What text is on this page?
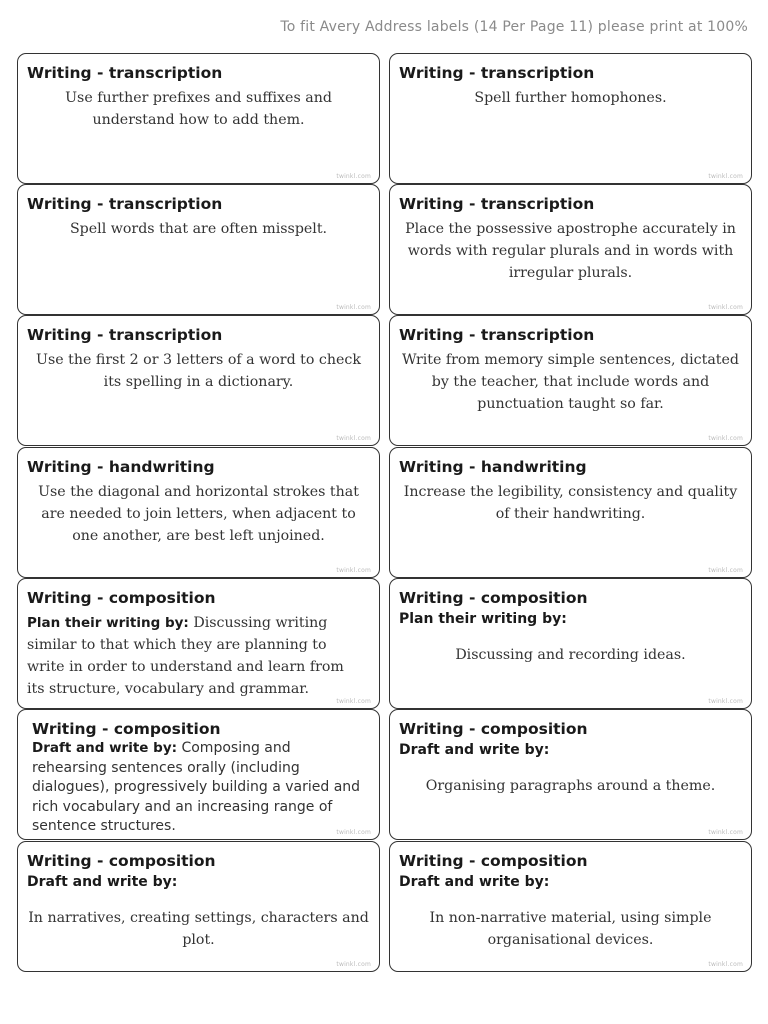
To fit Avery Address labels (14 Per Page 11) please print at 100%
Writing - transcription
Use further prefixes and suffixes and understand how to add them.
twinkl.com
Writing - transcription
Spell further homophones.
twinkl.com
Writing - transcription
Spell words that are often misspelt.
twinkl.com
Writing - transcription
Place the possessive apostrophe accurately in words with regular plurals and in words with irregular plurals.
twinkl.com
Writing - transcription
Use the first 2 or 3 letters of a word to check its spelling in a dictionary.
twinkl.com
Writing - transcription
Write from memory simple sentences, dictated by the teacher, that include words and punctuation taught so far.
twinkl.com
Writing - handwriting
Use the diagonal and horizontal strokes that are needed to join letters, when adjacent to one another, are best left unjoined.
twinkl.com
Writing - handwriting
Increase the legibility, consistency and quality of their handwriting.
twinkl.com
Writing - composition
Plan their writing by: Discussing writing similar to that which they are planning to write in order to understand and learn from its structure, vocabulary and grammar.
twinkl.com
Writing - composition
Plan their writing by:
Discussing and recording ideas.
twinkl.com
Writing - composition
Draft and write by: Composing and rehearsing sentences orally (including dialogues), progressively building a varied and rich vocabulary and an increasing range of sentence structures.	twinkl.com
Writing - composition
Draft and write by:
Organising paragraphs around a theme.
twinkl.com
Writing - composition
Draft and write by:
In narratives, creating settings, characters and plot.
twinkl.com
Writing - composition
Draft and write by:
In non-narrative material, using simple organisational devices.
twinkl.com
